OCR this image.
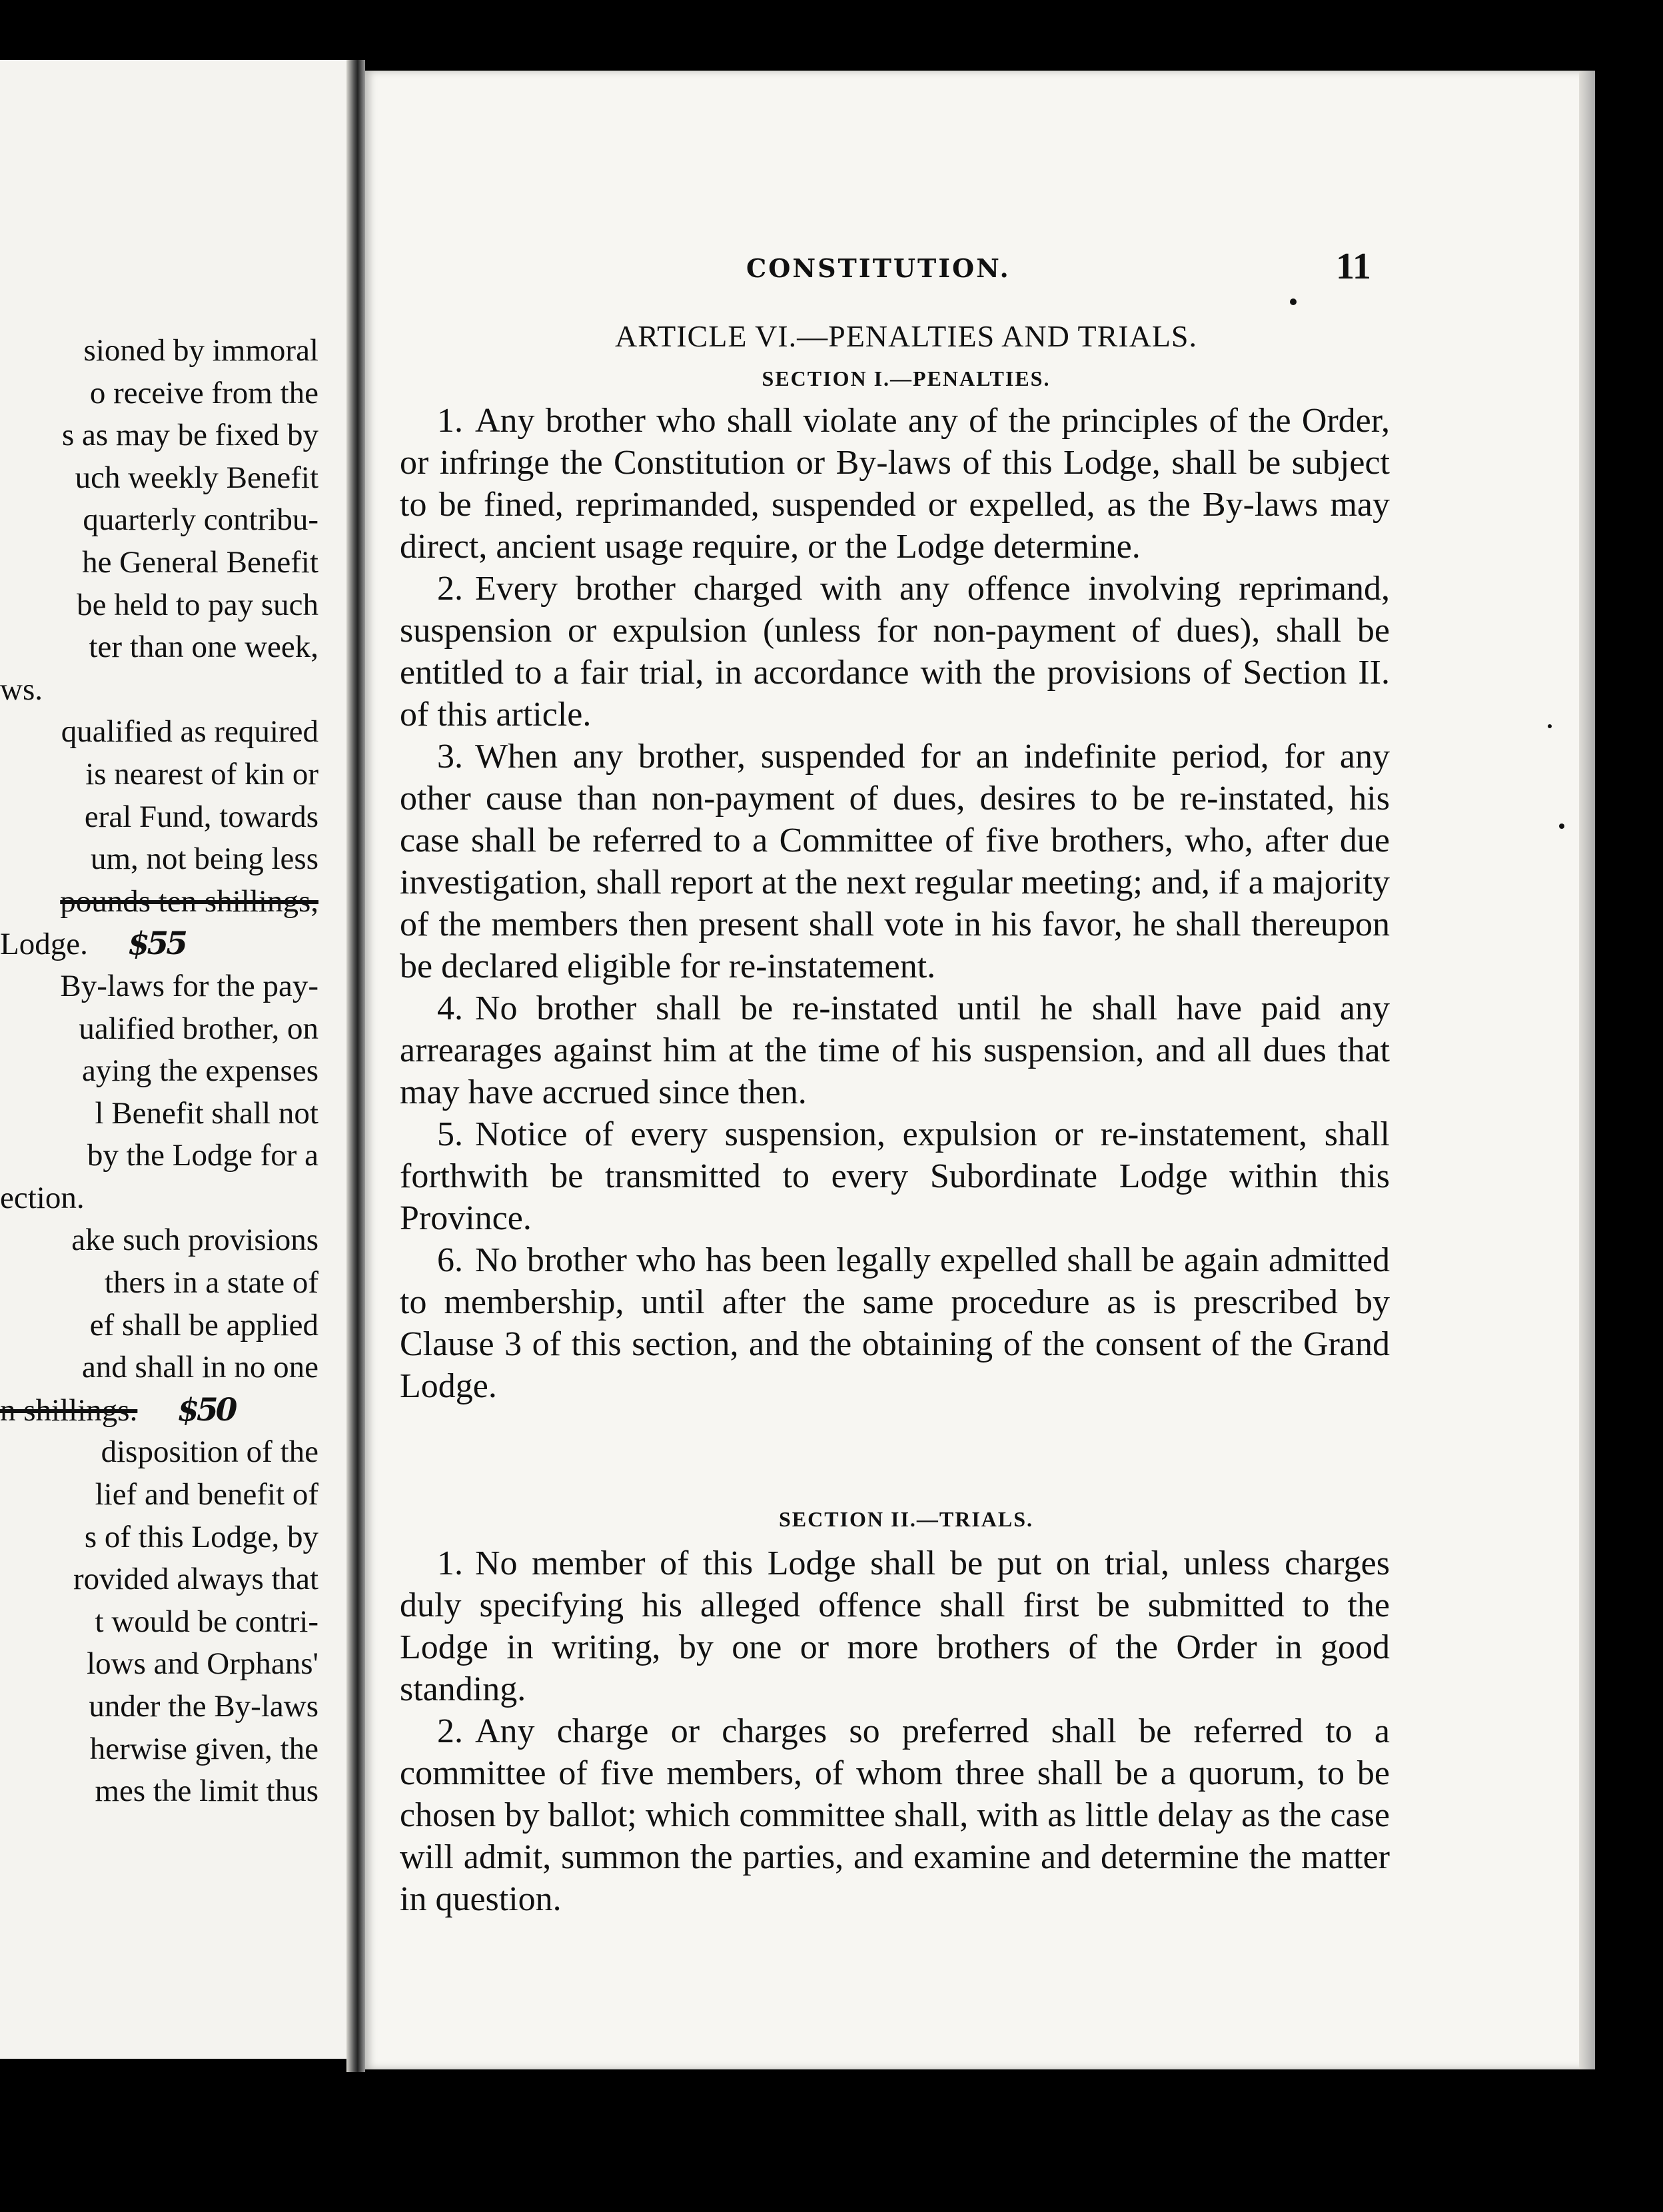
sioned by immoral
o receive from the
s as may be fixed by
uch weekly Benefit
quarterly contribu-
he General Benefit
be held to pay such
ter than one week,
ws.
qualified as required
is nearest of kin or
eral Fund, towards
um, not being less
pounds ten shillings,
Lodge. $55
By-laws for the pay-
ualified brother, on
aying the expenses
l Benefit shall not
by the Lodge for a
ection.
ake such provisions
thers in a state of
ef shall be applied
and shall in no one
n shillings. $50
disposition of the
lief and benefit of
s of this Lodge, by
rovided always that
t would be contri-
lows and Orphans'
under the By-laws
herwise given, the
mes the limit thus
CONSTITUTION.	11
ARTICLE VI.—PENALTIES AND TRIALS.
SECTION I.—PENALTIES.

1. Any brother who shall violate any of the principles of the Order, or infringe the Constitution or By-laws of this Lodge, shall be subject to be fined, reprimanded, suspended or expelled, as the By-laws may direct, ancient usage require, or the Lodge determine.

2. Every brother charged with any offence involving reprimand, suspension or expulsion (unless for non-payment of dues), shall be entitled to a fair trial, in accordance with the provisions of Section II. of this article.

3. When any brother, suspended for an indefinite period, for any other cause than non-payment of dues, desires to be re-instated, his case shall be referred to a Committee of five brothers, who, after due investigation, shall report at the next regular meeting; and, if a majority of the members then present shall vote in his favor, he shall thereupon be declared eligible for re-instatement.

4. No brother shall be re-instated until he shall have paid any arrearages against him at the time of his suspension, and all dues that may have accrued since then.

5. Notice of every suspension, expulsion or re-instatement, shall forthwith be transmitted to every Subordinate Lodge within this Province.

6. No brother who has been legally expelled shall be again admitted to membership, until after the same procedure as is prescribed by Clause 3 of this section, and the obtaining of the consent of the Grand Lodge.

SECTION II.—TRIALS.

1. No member of this Lodge shall be put on trial, unless charges duly specifying his alleged offence shall first be submitted to the Lodge in writing, by one or more brothers of the Order in good standing.

2. Any charge or charges so preferred shall be referred to a committee of five members, of whom three shall be a quorum, to be chosen by ballot; which committee shall, with as little delay as the case will admit, summon the parties, and examine and determine the matter in question.
